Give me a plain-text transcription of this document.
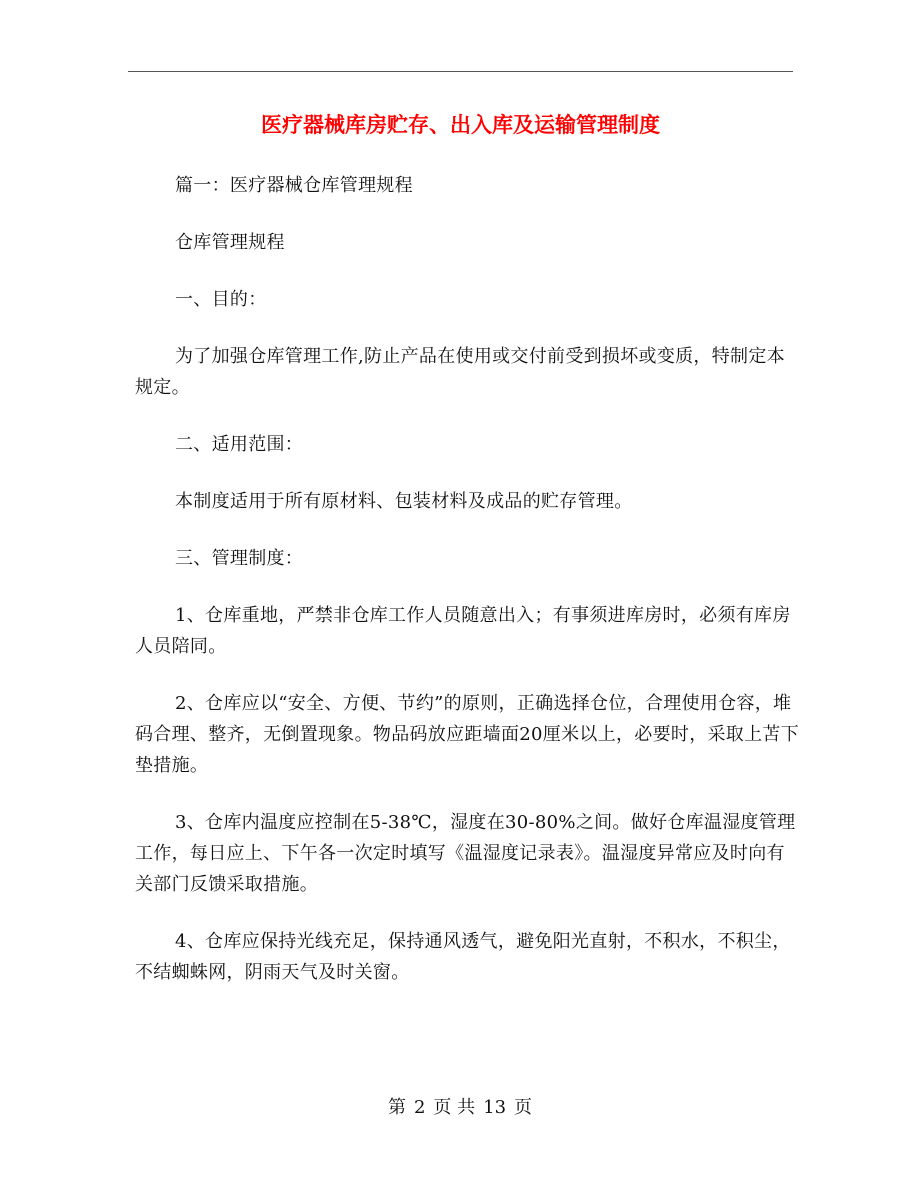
医疗器械库房贮存、出入库及运输管理制度

篇一：医疗器械仓库管理规程

仓库管理规程

一、目的：

为了加强仓库管理工作,防止产品在使用或交付前受到损坏或变质，特制定本规定。

二、适用范围：

本制度适用于所有原材料、包装材料及成品的贮存管理。

三、管理制度：

1、仓库重地，严禁非仓库工作人员随意出入；有事须进库房时，必须有库房人员陪同。

2、仓库应以“安全、方便、节约”的原则，正确选择仓位，合理使用仓容，堆码合理、整齐，无倒置现象。物品码放应距墙面20厘米以上，必要时，采取上苫下垫措施。

3、仓库内温度应控制在5-38℃，湿度在30-80%之间。做好仓库温湿度管理工作，每日应上、下午各一次定时填写《温湿度记录表》。温湿度异常应及时向有关部门反馈采取措施。

4、仓库应保持光线充足，保持通风透气，避免阳光直射，不积水，不积尘，不结蜘蛛网，阴雨天气及时关窗。

第 2 页 共 13 页
